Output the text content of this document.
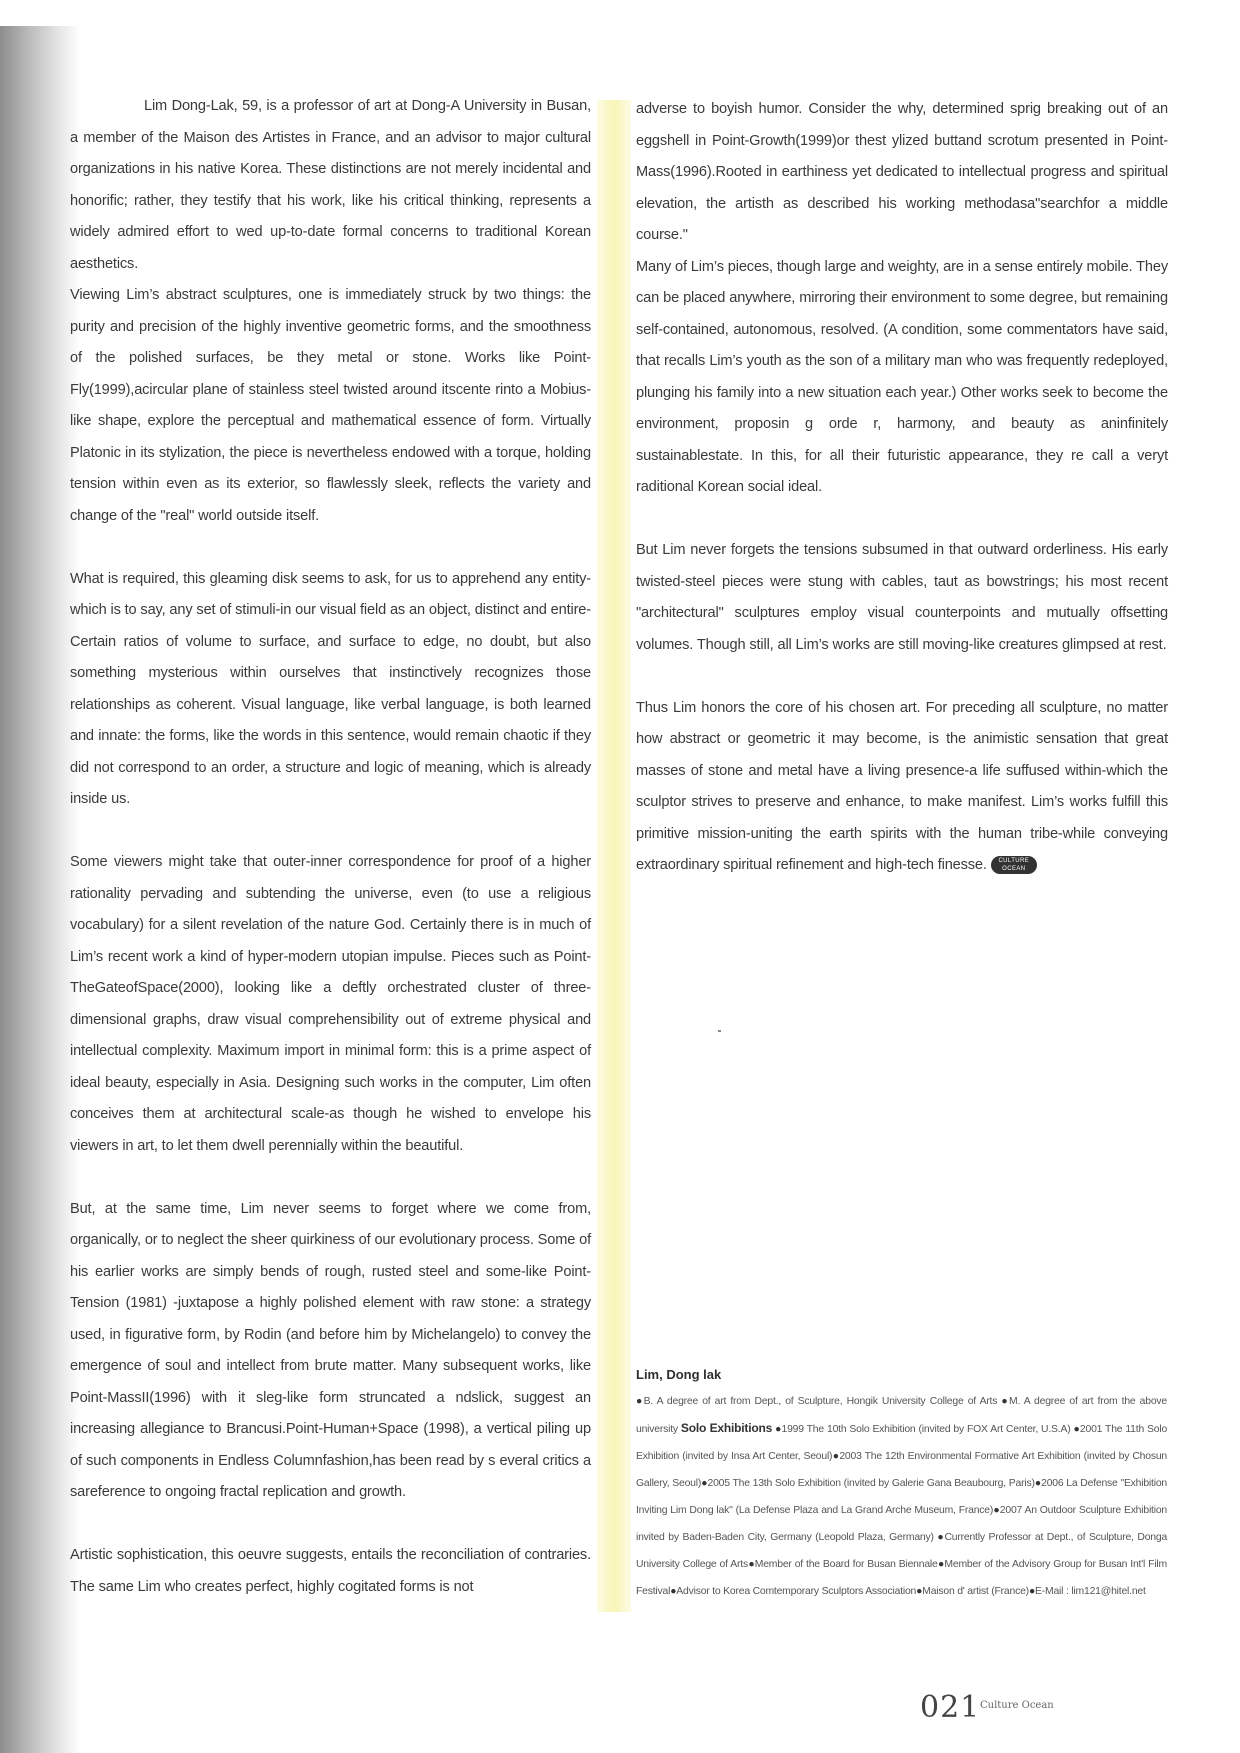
Lim Dong-Lak, 59, is a professor of art at Dong-A University in Busan, a member of the Maison des Artistes in France, and an advisor to major cultural organizations in his native Korea. These distinctions are not merely incidental and honorific; rather, they testify that his work, like his critical thinking, represents a widely admired effort to wed up-to-date formal concerns to traditional Korean aesthetics.

Viewing Lim’s abstract sculptures, one is immediately struck by two things: the purity and precision of the highly inventive geometric forms, and the smoothness of the polished surfaces, be they metal or stone. Works like Point-Fly(1999),acircular plane of stainless steel twisted around itscente rinto a Mobius-like shape, explore the perceptual and mathematical essence of form. Virtually Platonic in its stylization, the piece is nevertheless endowed with a torque, holding tension within even as its exterior, so flawlessly sleek, reflects the variety and change of the "real" world outside itself.

What is required, this gleaming disk seems to ask, for us to apprehend any entity-which is to say, any set of stimuli-in our visual field as an object, distinct and entire- Certain ratios of volume to surface, and surface to edge, no doubt, but also something mysterious within ourselves that instinctively recognizes those relationships as coherent. Visual language, like verbal language, is both learned and innate: the forms, like the words in this sentence, would remain chaotic if they did not correspond to an order, a structure and logic of meaning, which is already inside us.

Some viewers might take that outer-inner correspondence for proof of a higher rationality pervading and subtending the universe, even (to use a religious vocabulary) for a silent revelation of the nature God. Certainly there is in much of Lim’s recent work a kind of hyper-modern utopian impulse. Pieces such as Point-TheGateofSpace(2000), looking like a deftly orchestrated cluster of three-dimensional graphs, draw visual comprehensibility out of extreme physical and intellectual complexity. Maximum import in minimal form: this is a prime aspect of ideal beauty, especially in Asia. Designing such works in the computer, Lim often conceives them at architectural scale-as though he wished to envelope his viewers in art, to let them dwell perennially within the beautiful.

But, at the same time, Lim never seems to forget where we come from, organically, or to neglect the sheer quirkiness of our evolutionary process. Some of his earlier works are simply bends of rough, rusted steel and some-like Point-Tension (1981) -juxtapose a highly polished element with raw stone: a strategy used, in figurative form, by Rodin (and before him by Michelangelo) to convey the emergence of soul and intellect from brute matter. Many subsequent works, like Point-MassII(1996) with it sleg-like form struncated a ndslick, suggest an increasing allegiance to Brancusi.Point-Human+Space (1998), a vertical piling up of such components in Endless Columnfashion,has been read by s everal critics a sareference to ongoing fractal replication and growth.

Artistic sophistication, this oeuvre suggests, entails the reconciliation of contraries. The same Lim who creates perfect, highly cogitated forms is not

adverse to boyish humor. Consider the why, determined sprig breaking out of an eggshell in Point-Growth(1999)or thest ylized buttand scrotum presented in Point-Mass(1996).Rooted in earthiness yet dedicated to intellectual progress and spiritual elevation, the artisth as described his working methodasa"searchfor a middle course."

Many of Lim’s pieces, though large and weighty, are in a sense entirely mobile. They can be placed anywhere, mirroring their environment to some degree, but remaining self-contained, autonomous, resolved. (A condition, some commentators have said, that recalls Lim’s youth as the son of a military man who was frequently redeployed, plunging his family into a new situation each year.) Other works seek to become the environment, proposin g orde r, harmony, and beauty as aninfinitely sustainablestate. In this, for all their futuristic appearance, they re call a veryt raditional Korean social ideal.

But Lim never forgets the tensions subsumed in that outward orderliness. His early twisted-steel pieces were stung with cables, taut as bowstrings; his most recent "architectural" sculptures employ visual counterpoints and mutually offsetting volumes. Though still, all Lim’s works are still moving-like creatures glimpsed at rest.

Thus Lim honors the core of his chosen art. For preceding all sculpture, no matter how abstract or geometric it may become, is the animistic sensation that great masses of stone and metal have a living presence-a life suffused within-which the sculptor strives to preserve and enhance, to make manifest. Lim’s works fulfill this primitive mission-uniting the earth spirits with the human tribe-while conveying extraordinary spiritual refinement and high-tech finesse.	CULTURE
OCEAN

Lim, Dong lak
●B. A degree of art from Dept., of Sculpture, Hongik University College of Arts ●M. A degree of art from the above university Solo Exhibitions ●1999 The 10th Solo Exhibition (invited by FOX Art Center, U.S.A) ●2001 The 11th Solo Exhibition (invited by Insa Art Center, Seoul)●2003 The 12th Environmental Formative Art Exhibition (invited by Chosun Gallery, Seoul)●2005 The 13th Solo Exhibition (invited by Galerie Gana Beaubourg, Paris)●2006 La Defense "Exhibition Inviting Lim Dong lak" (La Defense Plaza and La Grand Arche Museum, France)●2007 An Outdoor Sculpture Exhibition invited by Baden-Baden City, Germany (Leopold Plaza, Germany) ●Currently Professor at Dept., of Sculpture, Donga University College of Arts●Member of the Board for Busan Biennale●Member of the Advisory Group for Busan Int'l Film Festival●Advisor to Korea Comtemporary Sculptors Association●Maison d' artist (France)●E-Mail : lim121@hitel.net
021 Culture Ocean
